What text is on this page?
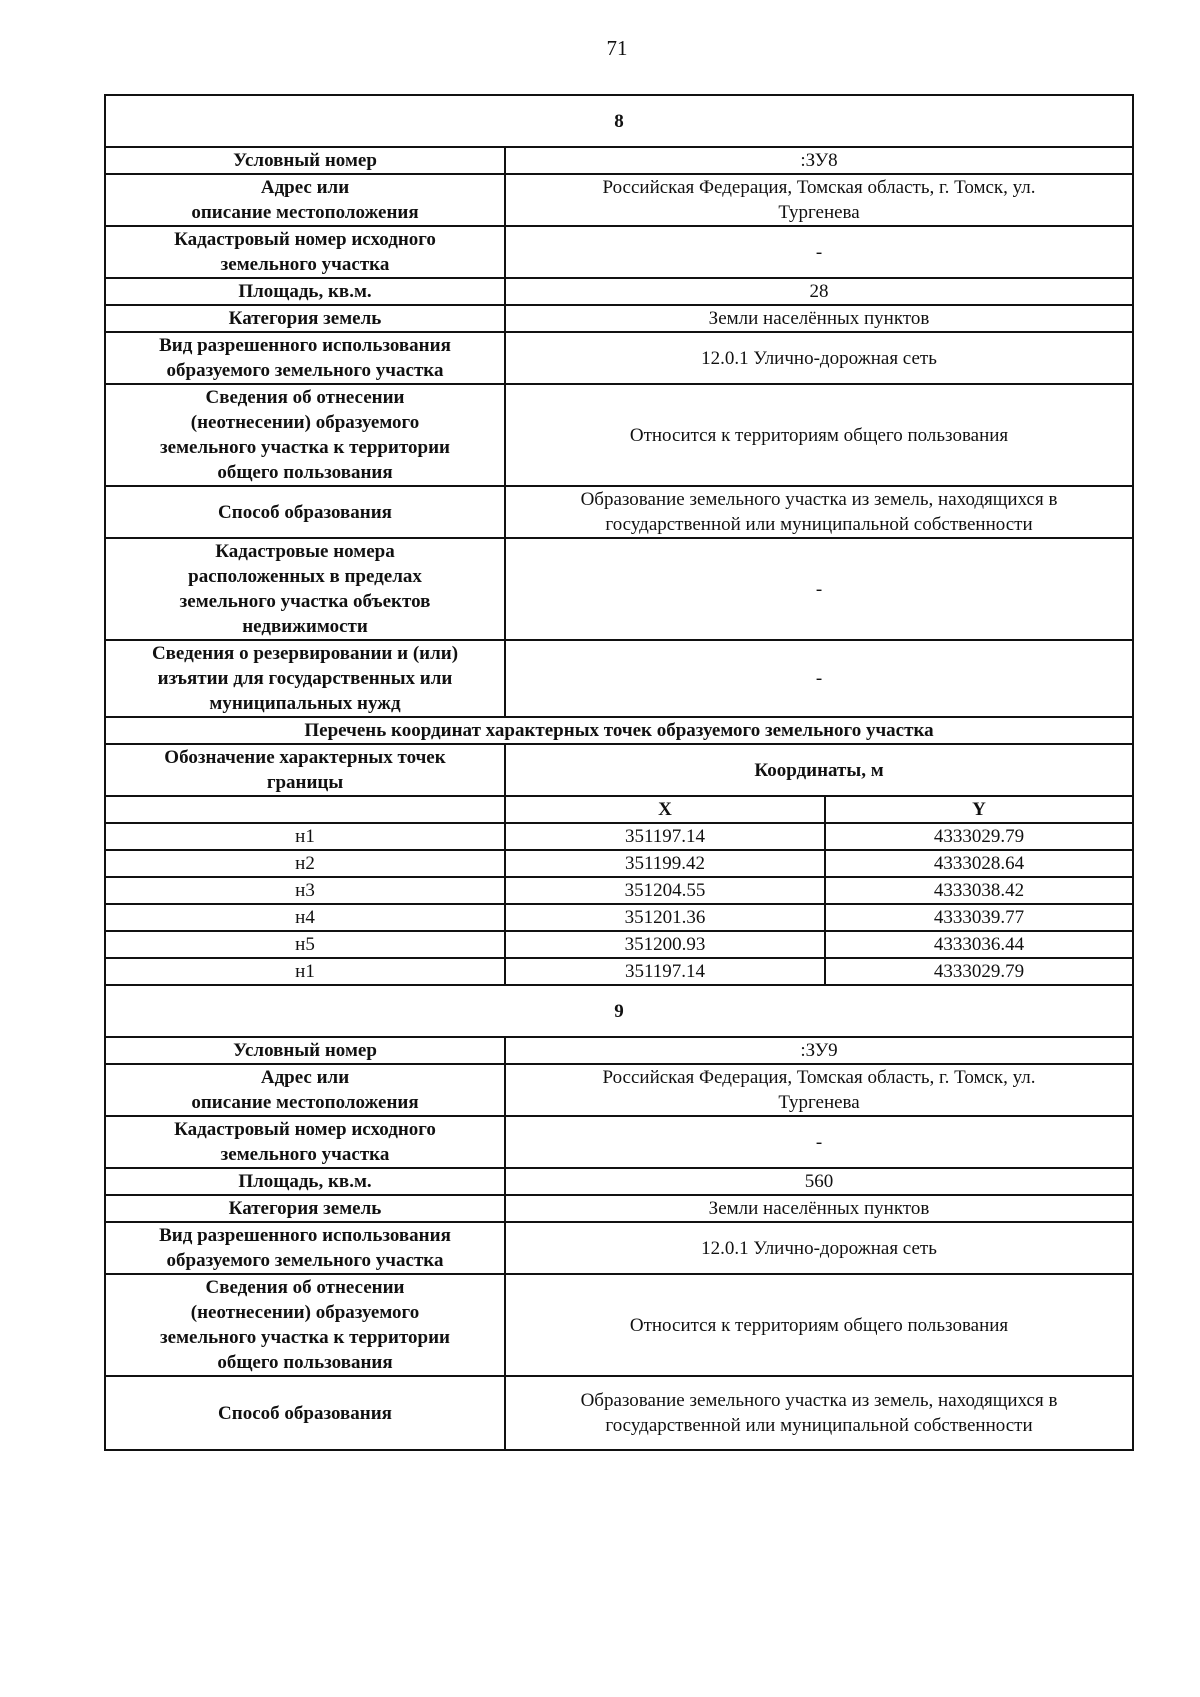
71
8		
Условный номер	:ЗУ8	
Адрес или
описание местоположения	Российская Федерация, Томская область, г. Томск, ул.
Тургенева	
Кадастровый номер исходного
земельного участка	-	
Площадь, кв.м.	28	
Категория земель	Земли населённых пунктов	
Вид разрешенного использования
образуемого земельного участка	12.0.1 Улично-дорожная сеть	
Сведения об отнесении
(неотнесении) образуемого
земельного участка к территории
общего пользования	Относится к территориям общего пользования	
Способ образования	Образование земельного участка из земель, находящихся в
государственной или муниципальной собственности	
Кадастровые номера
расположенных в пределах
земельного участка объектов
недвижимости	-	
Сведения о резервировании и (или)
изъятии для государственных или
муниципальных нужд	-	
Перечень координат характерных точек образуемого земельного участка		
Обозначение характерных точек
границы	Координаты, м	
	X	Y
н1	351197.14	4333029.79
н2	351199.42	4333028.64
н3	351204.55	4333038.42
н4	351201.36	4333039.77
н5	351200.93	4333036.44
н1	351197.14	4333029.79
9		
Условный номер	:ЗУ9	
Адрес или
описание местоположения	Российская Федерация, Томская область, г. Томск, ул.
Тургенева	
Кадастровый номер исходного
земельного участка	-	
Площадь, кв.м.	560	
Категория земель	Земли населённых пунктов	
Вид разрешенного использования
образуемого земельного участка	12.0.1 Улично-дорожная сеть	
Сведения об отнесении
(неотнесении) образуемого
земельного участка к территории
общего пользования	Относится к территориям общего пользования	
Способ образования	Образование земельного участка из земель, находящихся в
государственной или муниципальной собственности	
